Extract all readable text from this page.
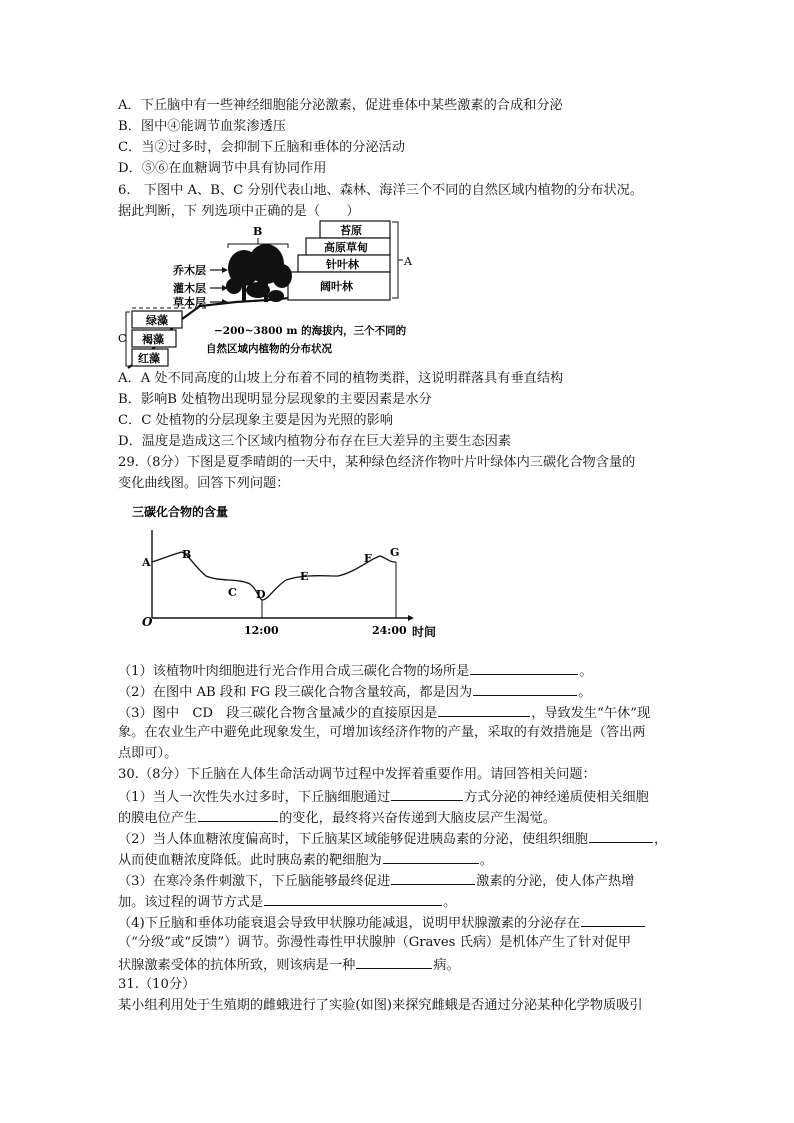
A．下丘脑中有一些神经细胞能分泌激素，促进垂体中某些激素的合成和分泌
B．图中④能调节血浆渗透压
C．当②过多时，会抑制下丘脑和垂体的分泌活动
D．⑤⑥在血糖调节中具有协同作用
6.　下图中 A、B、C 分别代表山地、森林、海洋三个不同的自然区域内植物的分布状况。
据此判断，下 列选项中正确的是（　　）
苔原
高原草甸
针叶林
阔叶林
A
B
乔木层
灌木层
草本层
绿藻
褐藻
红藻
C
−200~3800 m 的海拔内，三个不同的
自然区域内植物的分布状况
A．A 处不同高度的山坡上分布着不同的植物类群，这说明群落具有垂直结构
B．影响B 处植物出现明显分层现象的主要因素是水分
C．C 处植物的分层现象主要是因为光照的影响
D．温度是造成这三个区域内植物分布存在巨大差异的主要生态因素
29.（8分）下图是夏季晴朗的一天中，某种绿色经济作物叶片叶绿体内三碳化合物含量的
变化曲线图。回答下列问题：
三碳化合物的含量
O
A
B
C D
E
F G
12:00	24:00 时间
（1）该植物叶肉细胞进行光合作用合成三碳化合物的场所是	。
（2）在图中 AB 段和 FG 段三碳化合物含量较高，都是因为	。
（3）图中　CD　段三碳化合物含量减少的直接原因是	，导致发生“午休”现
象。在农业生产中避免此现象发生，可增加该经济作物的产量，采取的有效措施是（答出两
点即可）。
30.（8分）下丘脑在人体生命活动调节过程中发挥着重要作用。请回答相关问题：
（1）当人一次性失水过多时，下丘脑细胞通过	方式分泌的神经递质使相关细胞
的膜电位产生	的变化，最终将兴奋传递到大脑皮层产生渴觉。
（2）当人体血糖浓度偏高时，下丘脑某区域能够促进胰岛素的分泌，使组织细胞	，
从而使血糖浓度降低。此时胰岛素的靶细胞为	。
（3）在寒冷条件刺激下，下丘脑能够最终促进	激素的分泌，使人体产热增
加。该过程的调节方式是	。
（4)下丘脑和垂体功能衰退会导致甲状腺功能减退，说明甲状腺激素的分泌存在
（“分级”或“反馈”）调节。弥漫性毒性甲状腺肿（Graves 氏病）是机体产生了针对促甲
状腺激素受体的抗体所致，则该病是一种	病。
31.（10分）
某小组利用处于生殖期的雌蛾进行了实验(如图)来探究雌蛾是否通过分泌某种化学物质吸引
